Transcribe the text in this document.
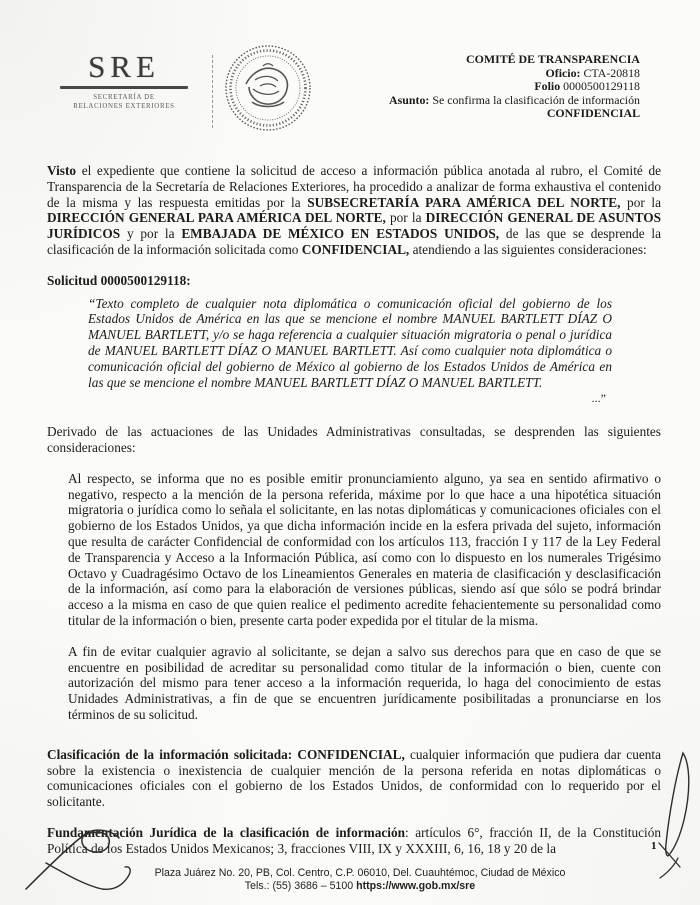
SRE
SECRETARÍA DE
RELACIONES EXTERIORES
COMITÉ DE TRANSPARENCIA
Oficio: CTA-20818
Folio 0000500129118
Asunto: Se confirma la clasificación de información
CONFIDENCIAL

Visto el expediente que contiene la solicitud de acceso a información pública anotada al rubro, el Comité de Transparencia de la Secretaría de Relaciones Exteriores, ha procedido a analizar de forma exhaustiva el contenido de la misma y las respuesta emitidas por la SUBSECRETARÍA PARA AMÉRICA DEL NORTE, por la DIRECCIÓN GENERAL PARA AMÉRICA DEL NORTE, por la DIRECCIÓN GENERAL DE ASUNTOS JURÍDICOS y por la EMBAJADA DE MÉXICO EN ESTADOS UNIDOS, de las que se desprende la clasificación de la información solicitada como CONFIDENCIAL, atendiendo a las siguientes consideraciones:

Solicitud 0000500129118:

“Texto completo de cualquier nota diplomática o comunicación oficial del gobierno de los Estados Unidos de América en las que se mencione el nombre MANUEL BARTLETT DÍAZ O MANUEL BARTLETT, y/o se haga referencia a cualquier situación migratoria o penal o jurídica de MANUEL BARTLETT DÍAZ O MANUEL BARTLETT. Así como cualquier nota diplomática o comunicación oficial del gobierno de México al gobierno de los Estados Unidos de América en las que se mencione el nombre MANUEL BARTLETT DÍAZ O MANUEL BARTLETT.

...”

Derivado de las actuaciones de las Unidades Administrativas consultadas, se desprenden las siguientes consideraciones:

Al respecto, se informa que no es posible emitir pronunciamiento alguno, ya sea en sentido afirmativo o negativo, respecto a la mención de la persona referida, máxime por lo que hace a una hipotética situación migratoria o jurídica como lo señala el solicitante, en las notas diplomáticas y comunicaciones oficiales con el gobierno de los Estados Unidos, ya que dicha información incide en la esfera privada del sujeto, información que resulta de carácter Confidencial de conformidad con los artículos 113, fracción I y 117 de la Ley Federal de Transparencia y Acceso a la Información Pública, así como con lo dispuesto en los numerales Trigésimo Octavo y Cuadragésimo Octavo de los Lineamientos Generales en materia de clasificación y desclasificación de la información, así como para la elaboración de versiones públicas, siendo así que sólo se podrá brindar acceso a la misma en caso de que quien realice el pedimento acredite fehacientemente su personalidad como titular de la información o bien, presente carta poder expedida por el titular de la misma.

A fin de evitar cualquier agravio al solicitante, se dejan a salvo sus derechos para que en caso de que se encuentre en posibilidad de acreditar su personalidad como titular de la información o bien, cuente con autorización del mismo para tener acceso a la información requerida, lo haga del conocimiento de estas Unidades Administrativas, a fin de que se encuentren jurídicamente posibilitadas a pronunciarse en los términos de su solicitud.

Clasificación de la información solicitada: CONFIDENCIAL, cualquier información que pudiera dar cuenta sobre la existencia o inexistencia de cualquier mención de la persona referida en notas diplomáticas o comunicaciones oficiales con el gobierno de los Estados Unidos, de conformidad con lo requerido por el solicitante.

Fundamentación Jurídica de la clasificación de información: artículos 6°, fracción II, de la Constitución Política de los Estados Unidos Mexicanos; 3, fracciones VIII, IX y XXXIII, 6, 16, 18 y 20 de la

Plaza Juárez No. 20, PB, Col. Centro, C.P. 06010, Del. Cuauhtémoc, Ciudad de México
Tels.: (55) 3686 – 5100 https://www.gob.mx/sre
1
